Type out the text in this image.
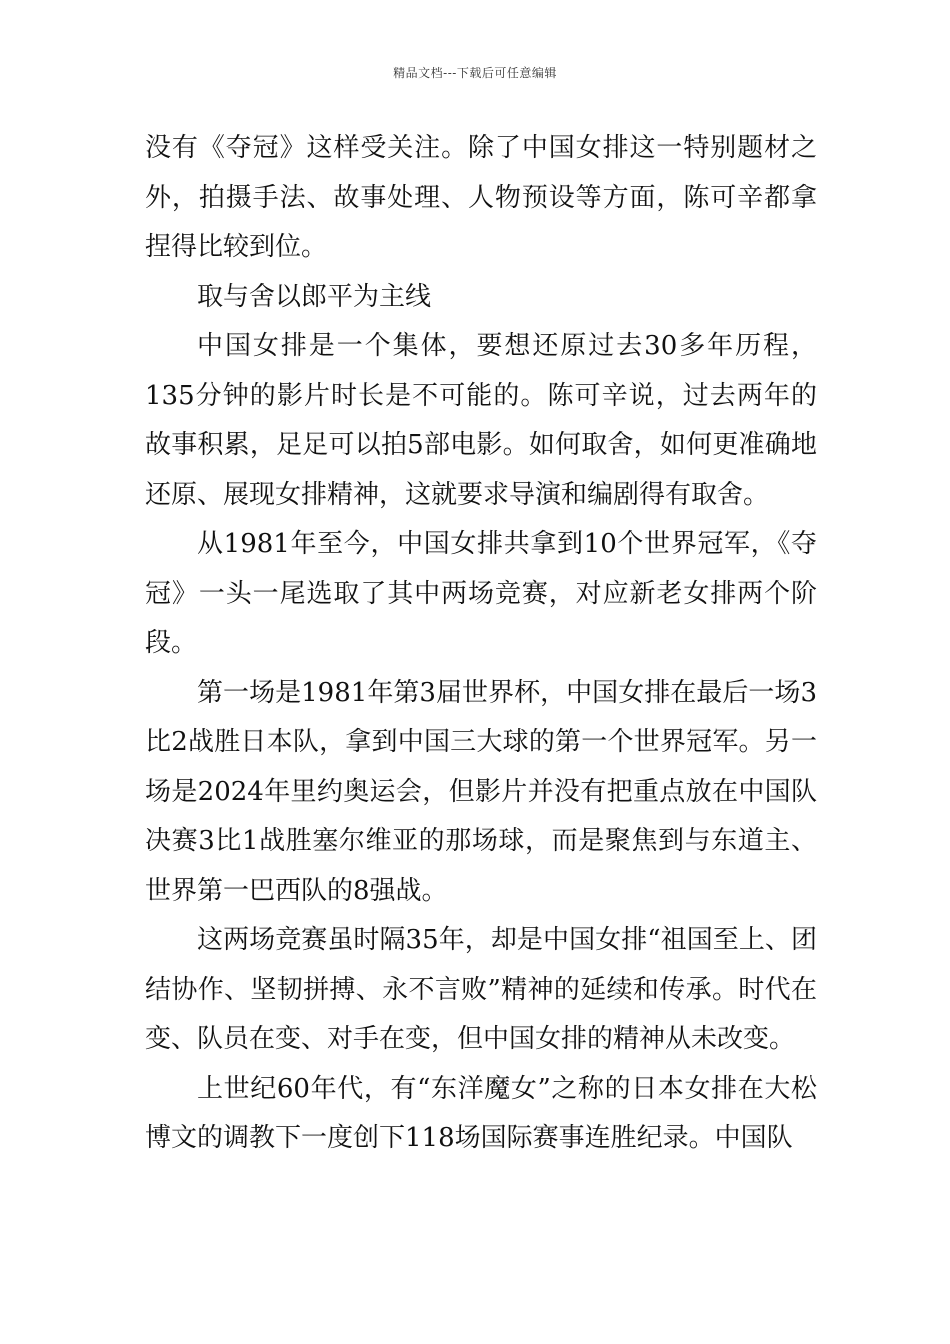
精品文档---下载后可任意编辑

没有《夺冠》这样受关注。除了中国女排这一特别题材之外，拍摄手法、故事处理、人物预设等方面，陈可辛都拿捏得比较到位。

取与舍以郎平为主线

中国女排是一个集体，要想还原过去30多年历程，135分钟的影片时长是不可能的。陈可辛说，过去两年的故事积累，足足可以拍5部电影。如何取舍，如何更准确地还原、展现女排精神，这就要求导演和编剧得有取舍。

从1981年至今，中国女排共拿到10个世界冠军，《夺冠》一头一尾选取了其中两场竞赛，对应新老女排两个阶段。

第一场是1981年第3届世界杯，中国女排在最后一场3比2战胜日本队，拿到中国三大球的第一个世界冠军。另一场是2024年里约奥运会，但影片并没有把重点放在中国队决赛3比1战胜塞尔维亚的那场球，而是聚焦到与东道主、世界第一巴西队的8强战。

这两场竞赛虽时隔35年，却是中国女排“祖国至上、团结协作、坚韧拼搏、永不言败”精神的延续和传承。时代在变、队员在变、对手在变，但中国女排的精神从未改变。

上世纪60年代，有“东洋魔女”之称的日本女排在大松博文的调教下一度创下118场国际赛事连胜纪录。中国队
